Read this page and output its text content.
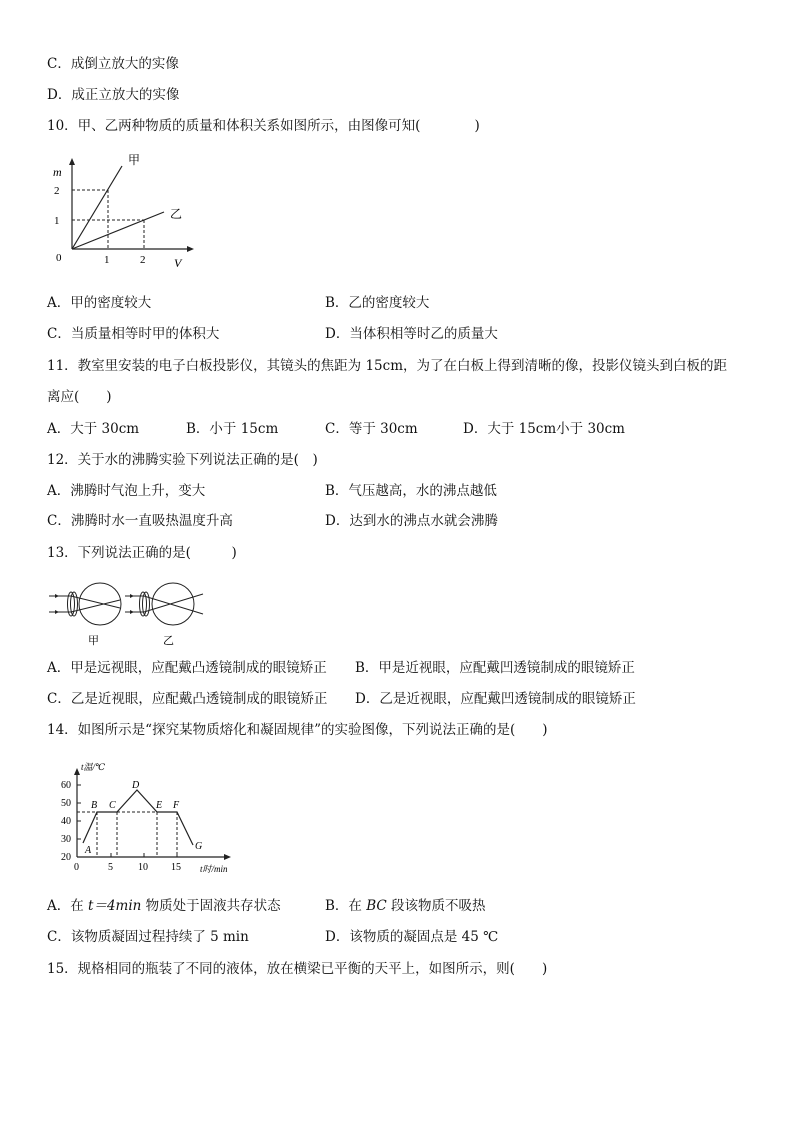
C．成倒立放大的实像
D．成正立放大的实像
10．甲、乙两种物质的质量和体积关系如图所示，由图像可知(　　　　)
m
2
1
0	1	2 V
甲
乙
A．甲的密度较大	B．乙的密度较大
C．当质量相等时甲的体积大	D．当体积相等时乙的质量大
11．教室里安装的电子白板投影仪，其镜头的焦距为 15cm，为了在白板上得到清晰的像，投影仪镜头到白板的距
离应(　　)
A．大于 30cm	B．小于 15cm	C．等于 30cm	D．大于 15cm小于 30cm
12．关于水的沸腾实验下列说法正确的是(　)
A．沸腾时气泡上升，变大	B．气压越高，水的沸点越低
C．沸腾时水一直吸热温度升高	D．达到水的沸点水就会沸腾
13．下列说法正确的是(　　　)
甲	乙
A．甲是远视眼，应配戴凸透镜制成的眼镜矫正 B．甲是近视眼，应配戴凹透镜制成的眼镜矫正
C．乙是近视眼，应配戴凸透镜制成的眼镜矫正 D．乙是近视眼，应配戴凹透镜制成的眼镜矫正
14．如图所示是“探究某物质熔化和凝固规律”的实验图像，下列说法正确的是(　　)
t温/℃
t时/min
20
30
40
50
60
0	5	10 15
A
B C
D
E F
G
A．在 t＝4min 物质处于固液共存状态	B．在 BC 段该物质不吸热
C．该物质凝固过程持续了 5 min	D．该物质的凝固点是 45 ℃
15．规格相同的瓶装了不同的液体，放在横梁已平衡的天平上，如图所示，则(　　)
